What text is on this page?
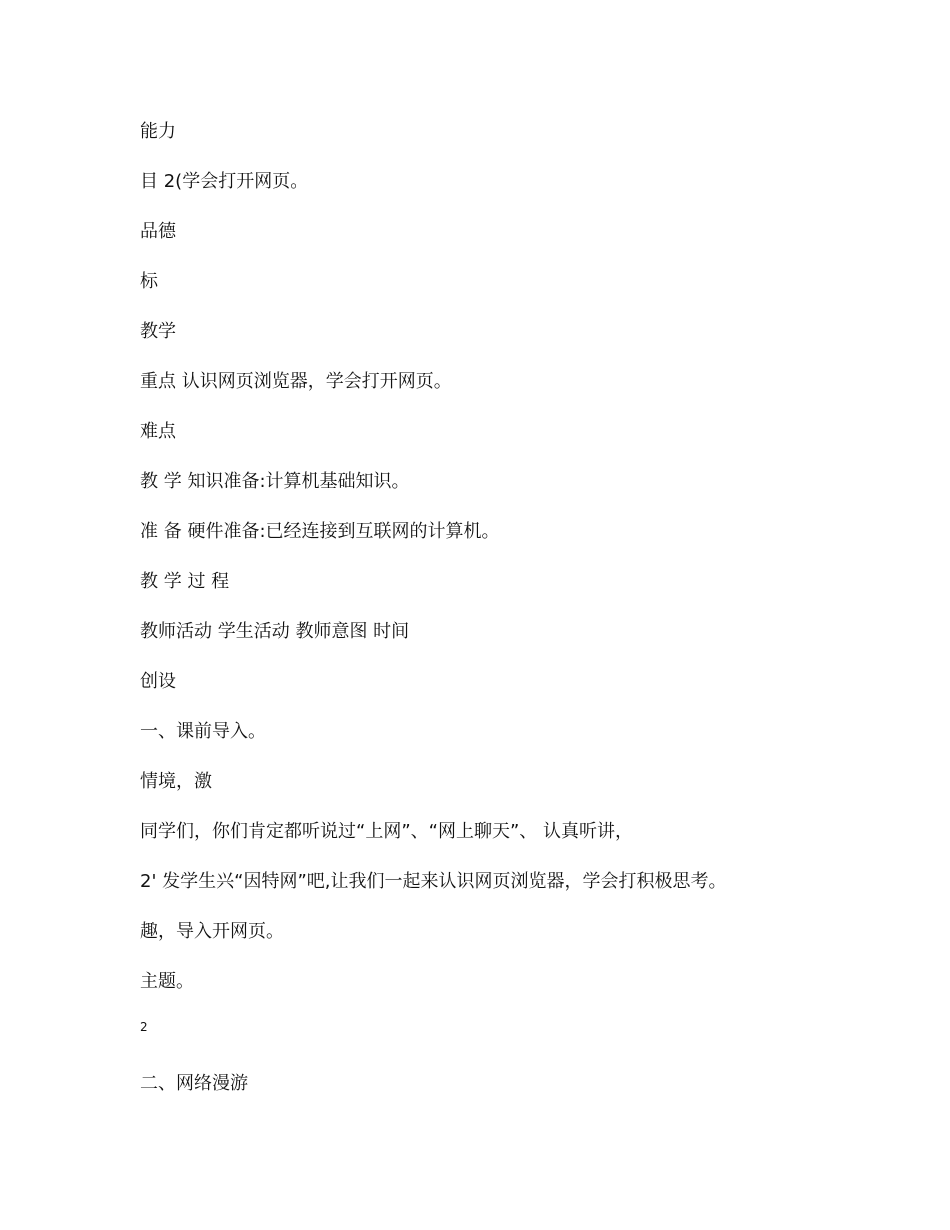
能力

目 2(学会打开网页。

品德

标

教学

重点 认识网页浏览器，学会打开网页。

难点

教 学 知识准备:计算机基础知识。

准 备 硬件准备:已经连接到互联网的计算机。

教 学 过 程

教师活动 学生活动 教师意图 时间

创设

一、课前导入。

情境，激

同学们，你们肯定都听说过“上网”、“网上聊天”、 认真听讲，

2' 发学生兴“因特网”吧,让我们一起来认识网页浏览器，学会打积极思考。

趣，导入开网页。

主题。

2

二、网络漫游
